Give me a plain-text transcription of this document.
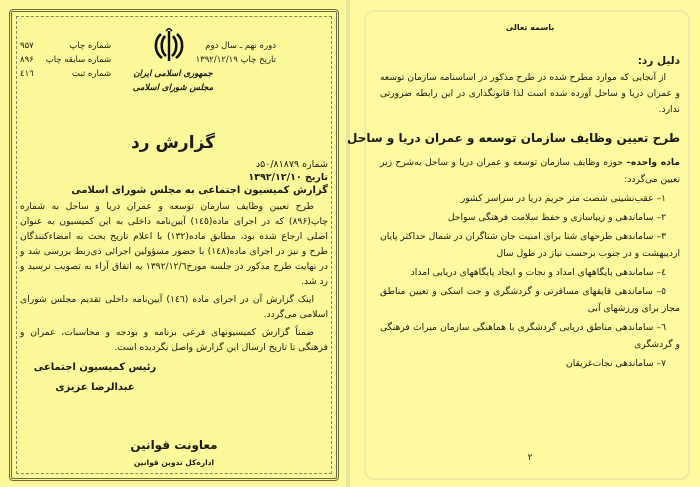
دوره نهم ـ سال دوم
تاریخ چاپ ۱۳۹۲/۱۲/۱۹
جمهوری اسلامی ایران
مجلس شورای اسلامی
۹۵۷	شماره چاپ
۸۹۶	شماره سابقه چاپ
٤١٦	شماره ثبت
گزارش رد
شماره ۵۰/۸۱۸۷۹د
تاریخ ۱۳۹۲/۱۲/۱۰
گزارش کمیسیون اجتماعی به مجلس شورای اسلامی

طرح تعیین وظایف سازمان توسعه و عمران دریا و ساحل به شماره چاپ(۸۹۶) که در اجرای ماده(١٤٥) آیین‌نامه داخلی به این کمیسیون به عنوان اصلی ارجاع شده بود، مطابق ماده(۱۳۲) با اعلام تاریخ بحث به امضاءکنندگان طرح و نیز در اجرای ماده(١٤٨) با حضور مسؤولین اجرائی ذی‌ربط بررسی شد و در نهایت طرح مذکور در جلسه مورخ۱۳۹۲/۱۲/٦ به اتفاق آراء به تصویب نرسید و رد شد.

اینک گزارش آن در اجرای ماده (١٤٦) آیین‌نامه داخلی تقدیم مجلس شورای اسلامی می‌گردد.

ضمناً گزارش کمیسیونهای فرعی برنامه و بودجه و محاسبات، عمران و فرهنگی تا تاریخ ارسال این گزارش واصل نگردیده است.

رئیس کمیسیون اجتماعی
عبدالرضا عزیزی
معاونت قوانین
اداره‌کل تدوین قوانین
باسمه تعالی
دلیل رد:

از آنجایی که موارد مطرح شده در طرح مذکور در اساسنامه سازمان توسعه و عمران دریا و ساحل آورده شده است لذا قانونگذاری در این رابطه ضرورتی ندارد.

طرح تعیین وظایف سازمان توسعه و عمران دریا و ساحل

ماده واحده– حوزه وظایف سازمان توسعه و عمران دریا و ساحل به‌شرح زیر تعیین می‌گردد:

۱– عقب‌نشینی شصت متر حریم دریا در سراسر کشور

۲– ساماندهی و زیباسازی و حفظ سلامت فرهنگی سواحل

۳– ساماندهی طرحهای شنا برای امنیت جان شناگران در شمال حداکثر پایان اردیبهشت و در جنوب برحسب نیاز در طول سال

٤– ساماندهی پایگاههای امداد و نجات و ایجاد پایگاههای دریایی امداد

٥– ساماندهی قایقهای مسافرتی و گردشگری و جت اسکی و تعیین مناطق مجاز برای ورزشهای آبی

٦– ساماندهی مناطق دریایی گردشگری با هماهنگی سازمان میراث فرهنگی و گردشگری

۷– ساماندهی نجات‌غریقان

۲
